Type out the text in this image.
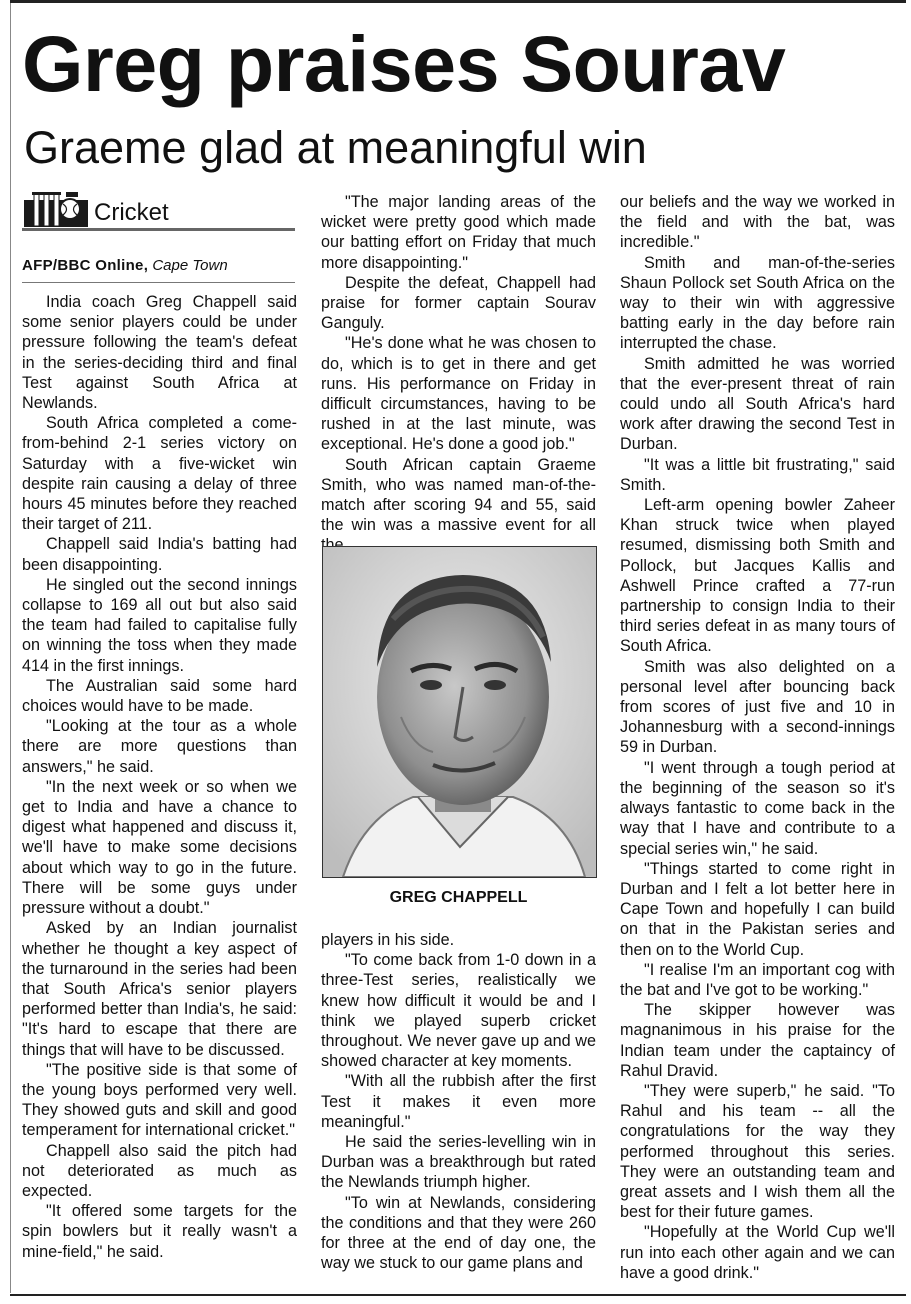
Greg praises Sourav
Graeme glad at meaningful win
Cricket
AFP/BBC Online, Cape Town

India coach Greg Chappell said some senior players could be under pressure following the team's defeat in the series-deciding third and final Test against South Africa at Newlands.

South Africa completed a come-from-behind 2-1 series victory on Saturday with a five-wicket win despite rain causing a delay of three hours 45 minutes before they reached their target of 211.

Chappell said India's batting had been disappointing.

He singled out the second innings collapse to 169 all out but also said the team had failed to capitalise fully on winning the toss when they made 414 in the first innings.

The Australian said some hard choices would have to be made.

"Looking at the tour as a whole there are more questions than answers," he said.

"In the next week or so when we get to India and have a chance to digest what happened and discuss it, we'll have to make some decisions about which way to go in the future. There will be some guys under pressure without a doubt."

Asked by an Indian journalist whether he thought a key aspect of the turnaround in the series had been that South Africa's senior players performed better than India's, he said: "It's hard to escape that there are things that will have to be discussed.

"The positive side is that some of the young boys performed very well. They showed guts and skill and good temperament for international cricket."

Chappell also said the pitch had not deteriorated as much as expected.

"It offered some targets for the spin bowlers but it really wasn't a mine-field," he said.

"The major landing areas of the wicket were pretty good which made our batting effort on Friday that much more disappointing."

Despite the defeat, Chappell had praise for former captain Sourav Ganguly.

"He's done what he was chosen to do, which is to get in there and get runs. His performance on Friday in difficult circumstances, having to be rushed in at the last minute, was exceptional. He's done a good job."

South African captain Graeme Smith, who was named man-of-the-match after scoring 94 and 55, said the win was a massive event for all

GREG CHAPPELL

players in his side.

"To come back from 1-0 down in a three-Test series, realistically we knew how difficult it would be and I think we played superb cricket throughout. We never gave up and we showed character at key moments.

"With all the rubbish after the first Test it makes it even more meaningful."

He said the series-levelling win in Durban was a breakthrough but rated the Newlands triumph higher.

"To win at Newlands, considering the conditions and that they were 260 for three at the end of day one, the way we stuck to our game plans and

our beliefs and the way we worked in the field and with the bat, was incredible."

Smith and man-of-the-series Shaun Pollock set South Africa on the way to their win with aggressive batting early in the day before rain interrupted the chase.

Smith admitted he was worried that the ever-present threat of rain could undo all South Africa's hard work after drawing the second Test in Durban.

"It was a little bit frustrating," said Smith.

Left-arm opening bowler Zaheer Khan struck twice when played resumed, dismissing both Smith and Pollock, but Jacques Kallis and Ashwell Prince crafted a 77-run partnership to consign India to their third series defeat in as many tours of South Africa.

Smith was also delighted on a personal level after bouncing back from scores of just five and 10 in Johannesburg with a second-innings 59 in Durban.

"I went through a tough period at the beginning of the season so it's always fantastic to come back in the way that I have and contribute to a special series win," he said.

"Things started to come right in Durban and I felt a lot better here in Cape Town and hopefully I can build on that in the Pakistan series and then on to the World Cup.

"I realise I'm an important cog with the bat and I've got to be working."

The skipper however was magnanimous in his praise for the Indian team under the captaincy of Rahul Dravid.

"They were superb," he said. "To Rahul and his team -- all the congratulations for the way they performed throughout this series. They were an outstanding team and great assets and I wish them all the best for their future games.

"Hopefully at the World Cup we'll run into each other again and we can have a good drink."
